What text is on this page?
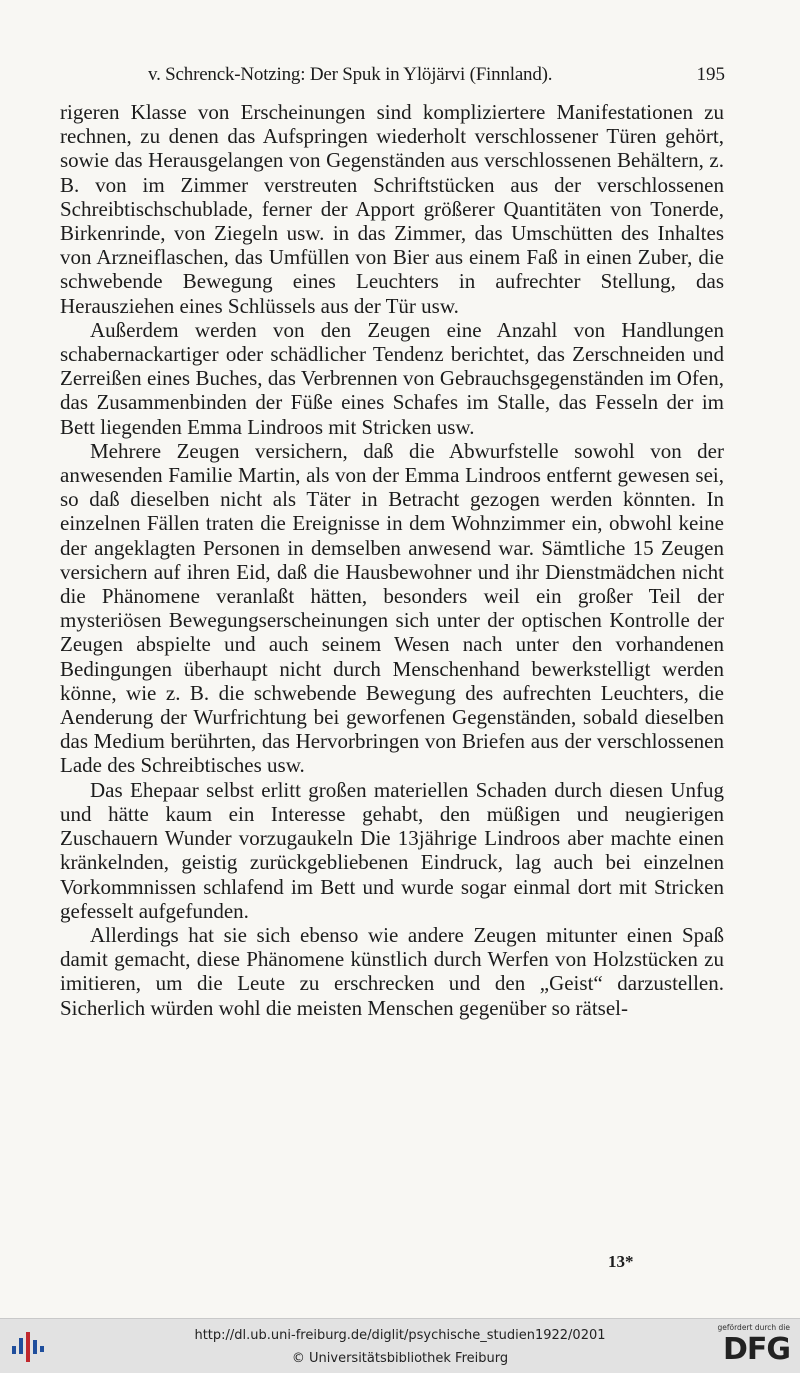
v. Schrenck-Notzing: Der Spuk in Ylöjärvi (Finnland).	195

rigeren Klasse von Erscheinungen sind kompliziertere Manifestationen zu rechnen, zu denen das Aufspringen wiederholt verschlossener Türen gehört, sowie das Herausgelangen von Gegenständen aus verschlossenen Behältern, z. B. von im Zimmer verstreuten Schriftstücken aus der verschlossenen Schreibtischschublade, ferner der Apport größerer Quantitäten von Tonerde, Birkenrinde, von Ziegeln usw. in das Zimmer, das Umschütten des Inhaltes von Arzneiflaschen, das Umfüllen von Bier aus einem Faß in einen Zuber, die schwebende Bewegung eines Leuchters in aufrechter Stellung, das Herausziehen eines Schlüssels aus der Tür usw.

Außerdem werden von den Zeugen eine Anzahl von Handlungen schabernackartiger oder schädlicher Tendenz berichtet, das Zerschneiden und Zerreißen eines Buches, das Verbrennen von Gebrauchsgegenständen im Ofen, das Zusammenbinden der Füße eines Schafes im Stalle, das Fesseln der im Bett liegenden Emma Lindroos mit Stricken usw.

Mehrere Zeugen versichern, daß die Abwurfstelle sowohl von der anwesenden Familie Martin, als von der Emma Lindroos entfernt gewesen sei, so daß dieselben nicht als Täter in Betracht gezogen werden könnten. In einzelnen Fällen traten die Ereignisse in dem Wohnzimmer ein, obwohl keine der angeklagten Personen in demselben anwesend war. Sämtliche 15 Zeugen versichern auf ihren Eid, daß die Hausbewohner und ihr Dienstmädchen nicht die Phänomene veranlaßt hätten, besonders weil ein großer Teil der mysteriösen Bewegungserscheinungen sich unter der optischen Kontrolle der Zeugen abspielte und auch seinem Wesen nach unter den vorhandenen Bedingungen überhaupt nicht durch Menschenhand bewerkstelligt werden könne, wie z. B. die schwebende Bewegung des aufrechten Leuchters, die Aenderung der Wurfrichtung bei geworfenen Gegenständen, sobald dieselben das Medium berührten, das Hervorbringen von Briefen aus der verschlossenen Lade des Schreibtisches usw.

Das Ehepaar selbst erlitt großen materiellen Schaden durch diesen Unfug und hätte kaum ein Interesse gehabt, den müßigen und neugierigen Zuschauern Wunder vorzugaukeln Die 13jährige Lindroos aber machte einen kränkelnden, geistig zurückgebliebenen Eindruck, lag auch bei einzelnen Vorkommnissen schlafend im Bett und wurde sogar einmal dort mit Stricken gefesselt aufgefunden.

Allerdings hat sie sich ebenso wie andere Zeugen mitunter einen Spaß damit gemacht, diese Phänomene künstlich durch Werfen von Holzstücken zu imitieren, um die Leute zu erschrecken und den „Geist“ darzustellen. Sicherlich würden wohl die meisten Menschen gegenüber so rätsel-

13*
http://dl.ub.uni-freiburg.de/diglit/psychische_studien1922/0201
© Universitätsbibliothek Freiburg
gefördert durch die
DFG
